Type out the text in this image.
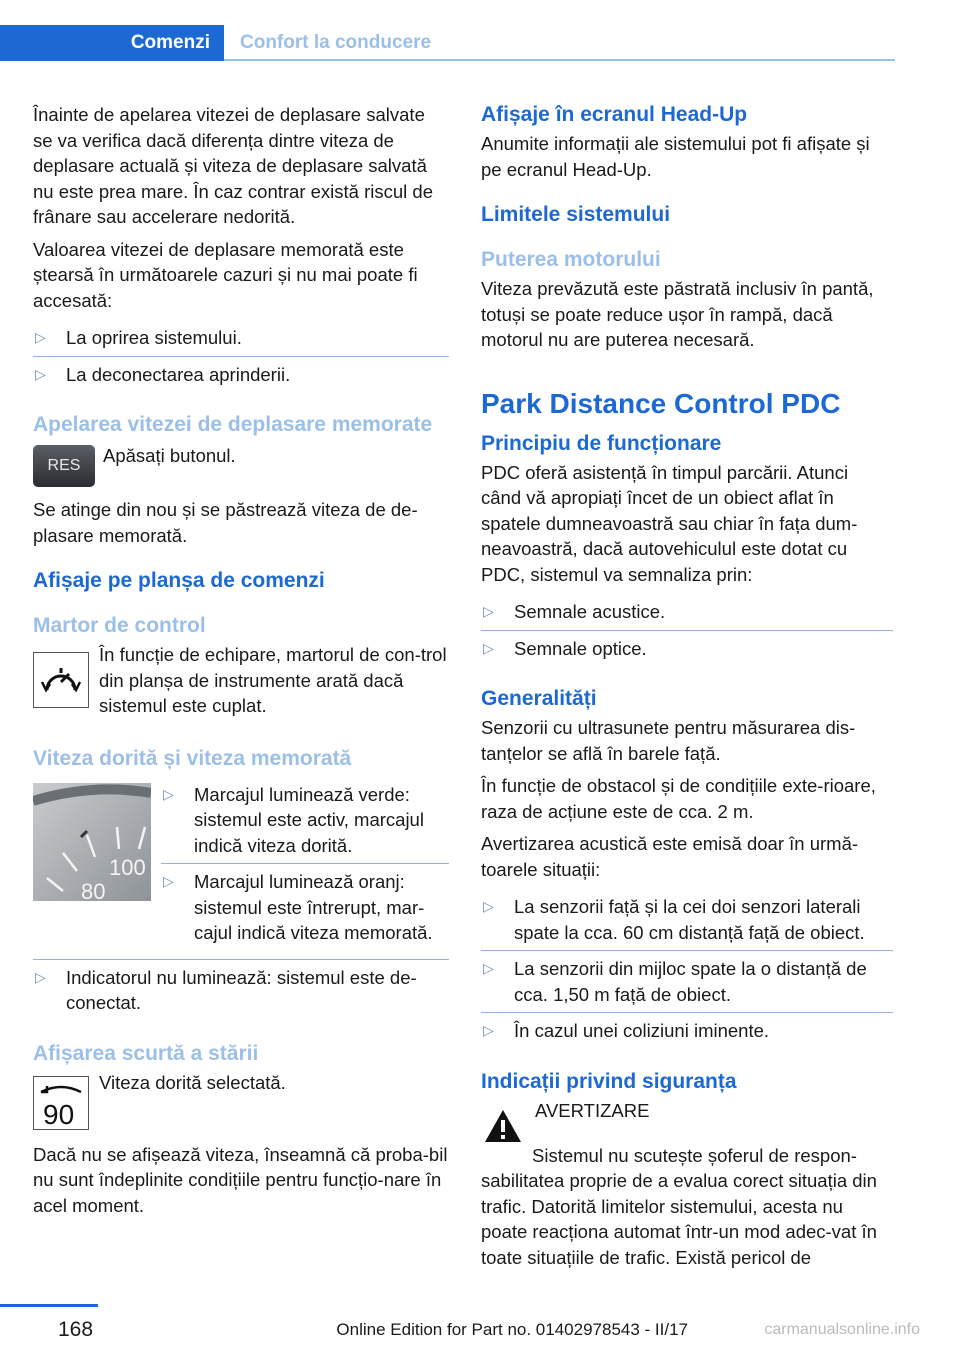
Comenzi	Confort la conducere

Înainte de apelarea vitezei de deplasare salvate se va verifica dacă diferența dintre viteza de deplasare actuală și viteza de deplasare salvată nu este prea mare. În caz contrar există riscul de frânare sau accelerare nedorită.

Valoarea vitezei de deplasare memorată este ștearsă în următoarele cazuri și nu mai poate fi accesată:

▷ La oprirea sistemului.
▷ La deconectarea aprinderii.
Apelarea vitezei de deplasare memorate
RES Apăsați butonul.

Se atinge din nou și se păstrează viteza de de-plasare memorată.

Afișaje pe planșa de comenzi
Martor de control

În funcție de echipare, martorul de con-trol din planșa de instrumente arată dacă sistemul este cuplat.

Viteza dorită și viteza memorată
100
80
▷ Marcajul luminează verde: sistemul este activ, marcajul indică viteza dorită.
▷ Marcajul luminează oranj: sistemul este întrerupt, mar-cajul indică viteza memorată.
▷ Indicatorul nu luminează: sistemul este de-conectat.
Afișarea scurtă a stării
90

Viteza dorită selectată.

Dacă nu se afișează viteza, înseamnă că proba-bil nu sunt îndeplinite condițiile pentru funcțio-nare în acel moment.

Afișaje în ecranul Head-Up

Anumite informații ale sistemului pot fi afișate și pe ecranul Head-Up.

Limitele sistemului
Puterea motorului

Viteza prevăzută este păstrată inclusiv în pantă, totuși se poate reduce ușor în rampă, dacă motorul nu are puterea necesară.

Park Distance Control PDC
Principiu de funcționare

PDC oferă asistență în timpul parcării. Atunci când vă apropiați încet de un obiect aflat în spatele dumneavoastră sau chiar în fața dum-neavoastră, dacă autovehiculul este dotat cu PDC, sistemul va semnaliza prin:

▷ Semnale acustice.
▷ Semnale optice.
Generalități

Senzorii cu ultrasunete pentru măsurarea dis-tanțelor se află în barele față.

În funcție de obstacol și de condițiile exte-rioare, raza de acțiune este de cca. 2 m.

Avertizarea acustică este emisă doar în urmă-toarele situații:

▷ La senzorii față și la cei doi senzori laterali spate la cca. 60 cm distanță față de obiect.
▷ La senzorii din mijloc spate la o distanță de cca. 1,50 m față de obiect.
▷ În cazul unei coliziuni iminente.
Indicații privind siguranța
AVERTIZARE

Sistemul nu scutește șoferul de respon-sabilitatea proprie de a evalua corect situația din trafic. Datorită limitelor sistemului, acesta nu poate reacționa automat într-un mod adec-vat în toate situațiile de trafic. Există pericol de

168	Online Edition for Part no. 01402978543 - II/17	carmanualsonline.info
